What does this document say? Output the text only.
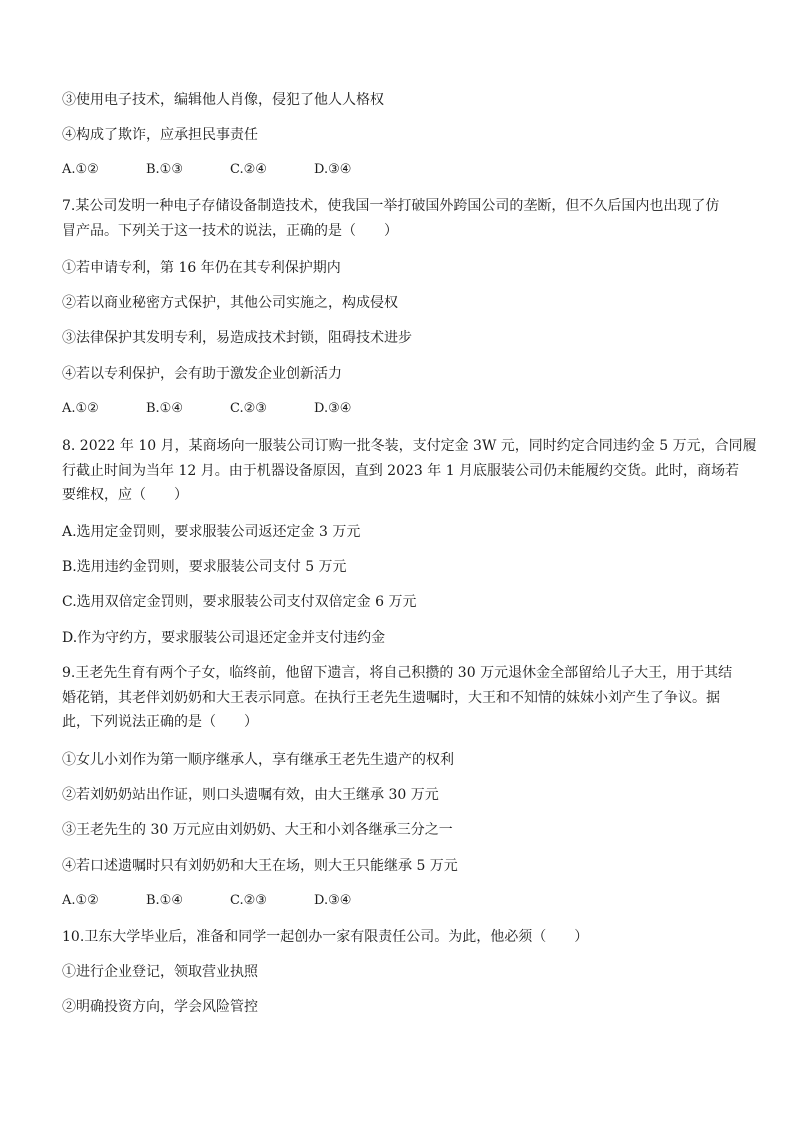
③使用电子技术，编辑他人肖像，侵犯了他人人格权
④构成了欺诈，应承担民事责任
A.①②	B.①③	C.②④	D.③④
7.某公司发明一种电子存储设备制造技术，使我国一举打破国外跨国公司的垄断，但不久后国内也出现了仿
冒产品。下列关于这一技术的说法，正确的是（　　）
①若申请专利，第 16 年仍在其专利保护期内
②若以商业秘密方式保护，其他公司实施之，构成侵权
③法律保护其发明专利，易造成技术封锁，阻碍技术进步
④若以专利保护，会有助于激发企业创新活力
A.①②	B.①④	C.②③	D.③④
8. 2022 年 10 月，某商场向一服装公司订购一批冬装，支付定金 3W 元，同时约定合同违约金 5 万元，合同履
行截止时间为当年 12 月。由于机器设备原因，直到 2023 年 1 月底服装公司仍未能履约交货。此时，商场若
要维权，应（　　）
A.选用定金罚则，要求服装公司返还定金 3 万元
B.选用违约金罚则，要求服装公司支付 5 万元
C.选用双倍定金罚则，要求服装公司支付双倍定金 6 万元
D.作为守约方，要求服装公司退还定金并支付违约金
9.王老先生育有两个子女，临终前，他留下遗言，将自己积攒的 30 万元退休金全部留给儿子大王，用于其结
婚花销，其老伴刘奶奶和大王表示同意。在执行王老先生遗嘱时，大王和不知情的妹妹小刘产生了争议。据
此，下列说法正确的是（　　）
①女儿小刘作为第一顺序继承人，享有继承王老先生遗产的权利
②若刘奶奶站出作证，则口头遗嘱有效，由大王继承 30 万元
③王老先生的 30 万元应由刘奶奶、大王和小刘各继承三分之一
④若口述遗嘱时只有刘奶奶和大王在场，则大王只能继承 5 万元
A.①②	B.①④	C.②③	D.③④
10.卫东大学毕业后，准备和同学一起创办一家有限责任公司。为此，他必须（　　）
①进行企业登记，领取营业执照
②明确投资方向，学会风险管控
